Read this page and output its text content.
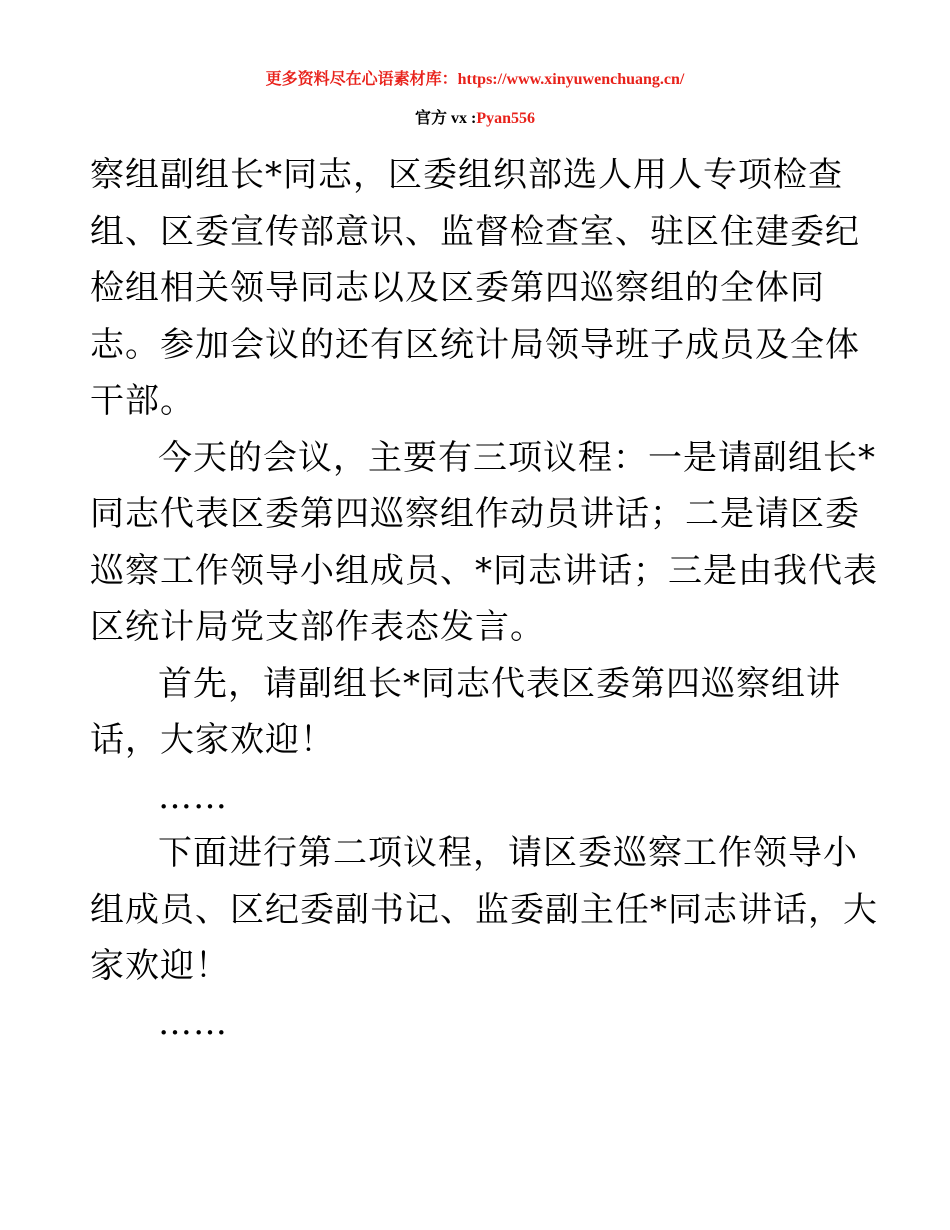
更多资料尽在心语素材库：https://www.xinyuwenchuang.cn/
官方 vx :Pyan556
察组副组长*同志，区委组织部选人用人专项检查
组、区委宣传部意识、监督检查室、驻区住建委纪
检组相关领导同志以及区委第四巡察组的全体同
志。参加会议的还有区统计局领导班子成员及全体
干部。
今天的会议，主要有三项议程：一是请副组长*
同志代表区委第四巡察组作动员讲话；二是请区委
巡察工作领导小组成员、*同志讲话；三是由我代表
区统计局党支部作表态发言。
首先，请副组长*同志代表区委第四巡察组讲
话，大家欢迎！
……
下面进行第二项议程，请区委巡察工作领导小
组成员、区纪委副书记、监委副主任*同志讲话，大
家欢迎！
……
